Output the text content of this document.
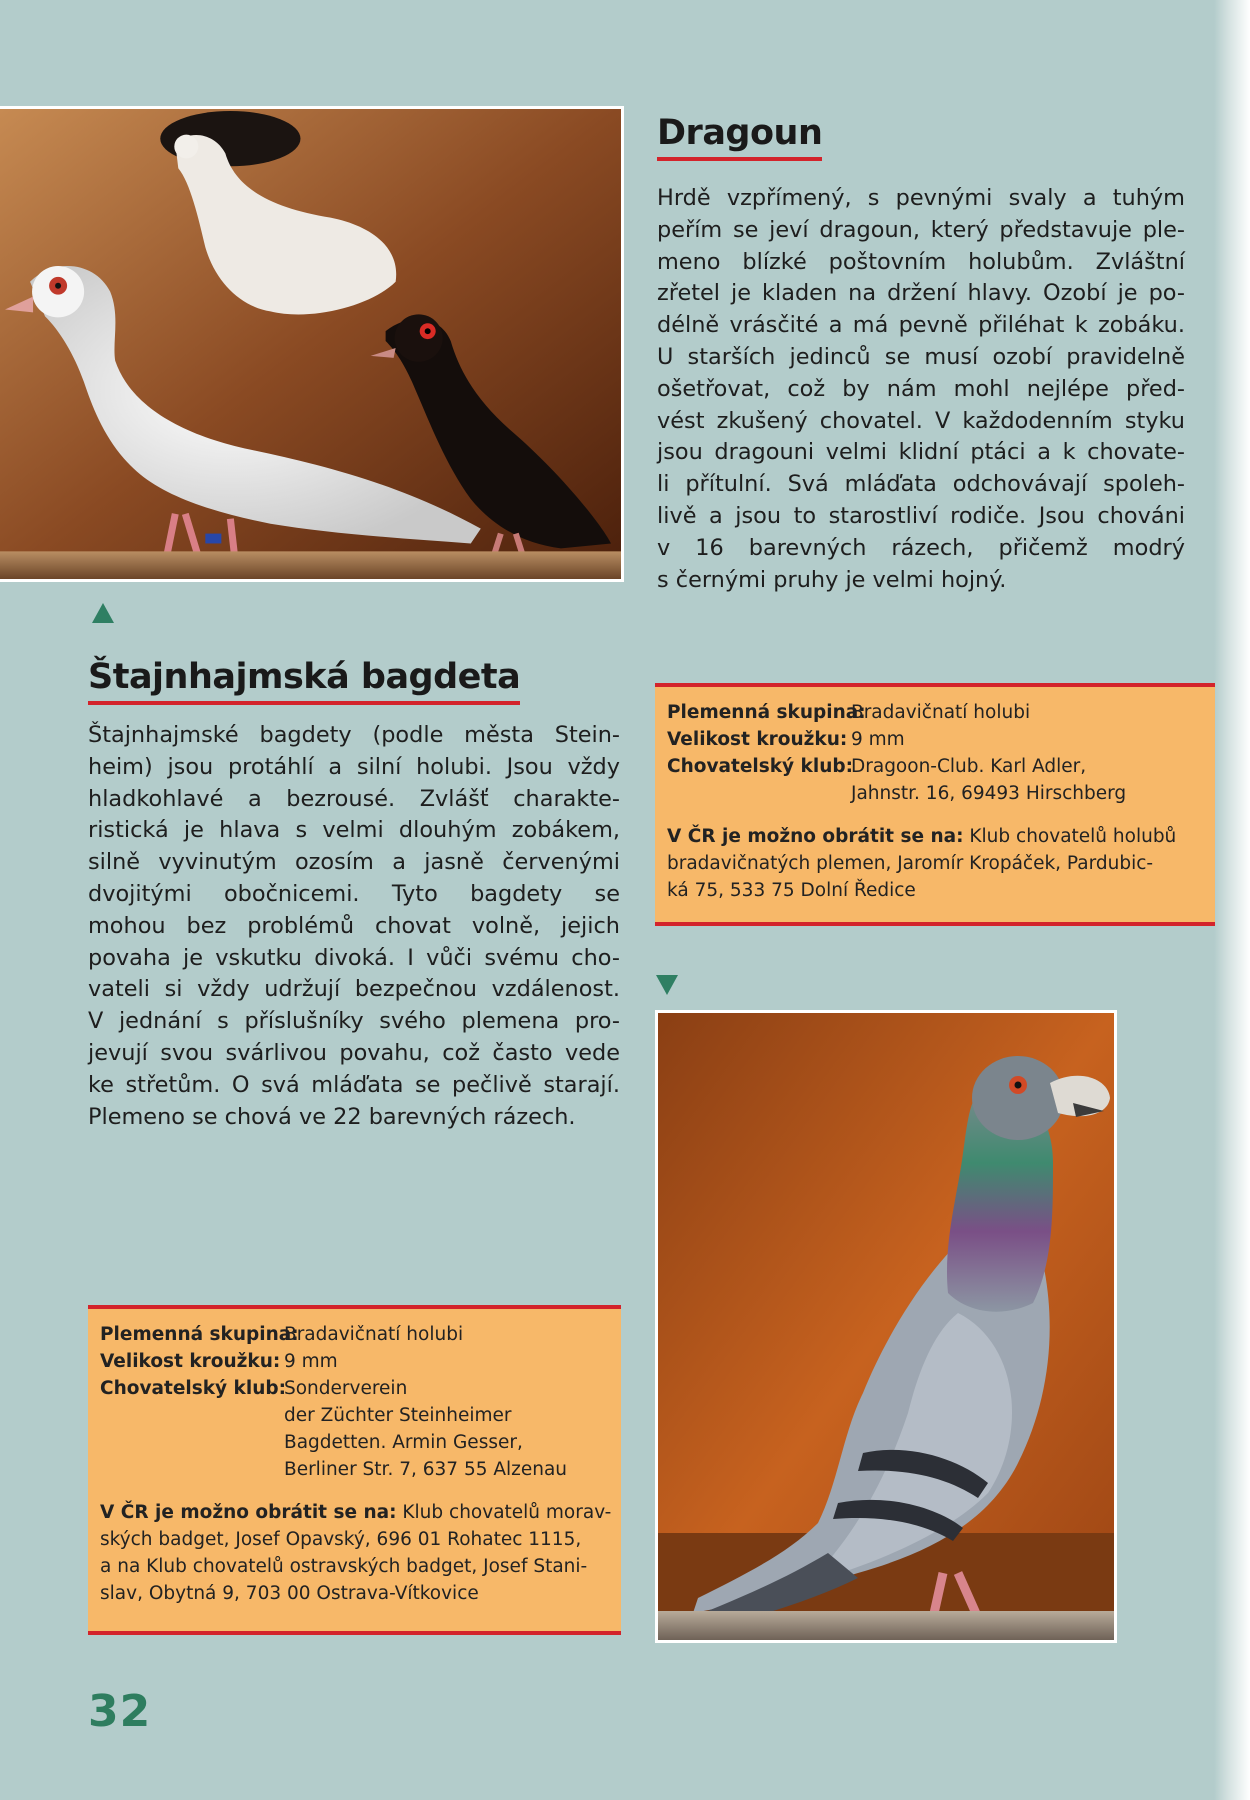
Dragoun

Hrdě vzpřímený, s pevnými svaly a tuhým
peřím se jeví dragoun, který představuje ple-
meno blízké poštovním holubům. Zvláštní
zřetel je kladen na držení hlavy. Ozobí je po-
délně vrásčité a má pevně přiléhat k zobáku.
U starších jedinců se musí ozobí pravidelně
ošetřovat, což by nám mohl nejlépe před-
vést zkušený chovatel. V každodenním styku
jsou dragouni velmi klidní ptáci a k chovate-
li přítulní. Svá mláďata odchovávají spoleh-
livě a jsou to starostliví rodiče. Jsou chováni
v 16 barevných rázech, přičemž modrý
s černými pruhy je velmi hojný.

Štajnhajmská bagdeta

Štajnhajmské bagdety (podle města Stein-
heim) jsou protáhlí a silní holubi. Jsou vždy
hladkohlavé a bezrousé. Zvlášť charakte-
ristická je hlava s velmi dlouhým zobákem,
silně vyvinutým ozosím a jasně červenými
dvojitými obočnicemi. Tyto bagdety se
mohou bez problémů chovat volně, jejich
povaha je vskutku divoká. I vůči svému cho-
vateli si vždy udržují bezpečnou vzdálenost.
V jednání s příslušníky svého plemena pro-
jevují svou svárlivou povahu, což často vede
ke střetům. O svá mláďata se pečlivě starají.
Plemeno se chová ve 22 barevných rázech.

Plemenná skupina:
Bradavičnatí holubi
Velikost kroužku: 9 mm
Chovatelský klub:
Dragoon-Club. Karl Adler,
Jahnstr. 16, 69493 Hirschberg
V ČR je možno obrátit se na: Klub chovatelů holubů
bradavičnatých plemen, Jaromír Kropáček, Pardubic-
ká 75, 533 75 Dolní Ředice
Plemenná skupina:
Bradavičnatí holubi
Velikost kroužku: 9 mm
Chovatelský klub:
Sonderverein
der Züchter Steinheimer
Bagdetten. Armin Gesser,
Berliner Str. 7, 637 55 Alzenau
V ČR je možno obrátit se na: Klub chovatelů morav-
ských badget, Josef Opavský, 696 01 Rohatec 1115,
a na Klub chovatelů ostravských badget, Josef Stani-
slav, Obytná 9, 703 00 Ostrava-Vítkovice
32
